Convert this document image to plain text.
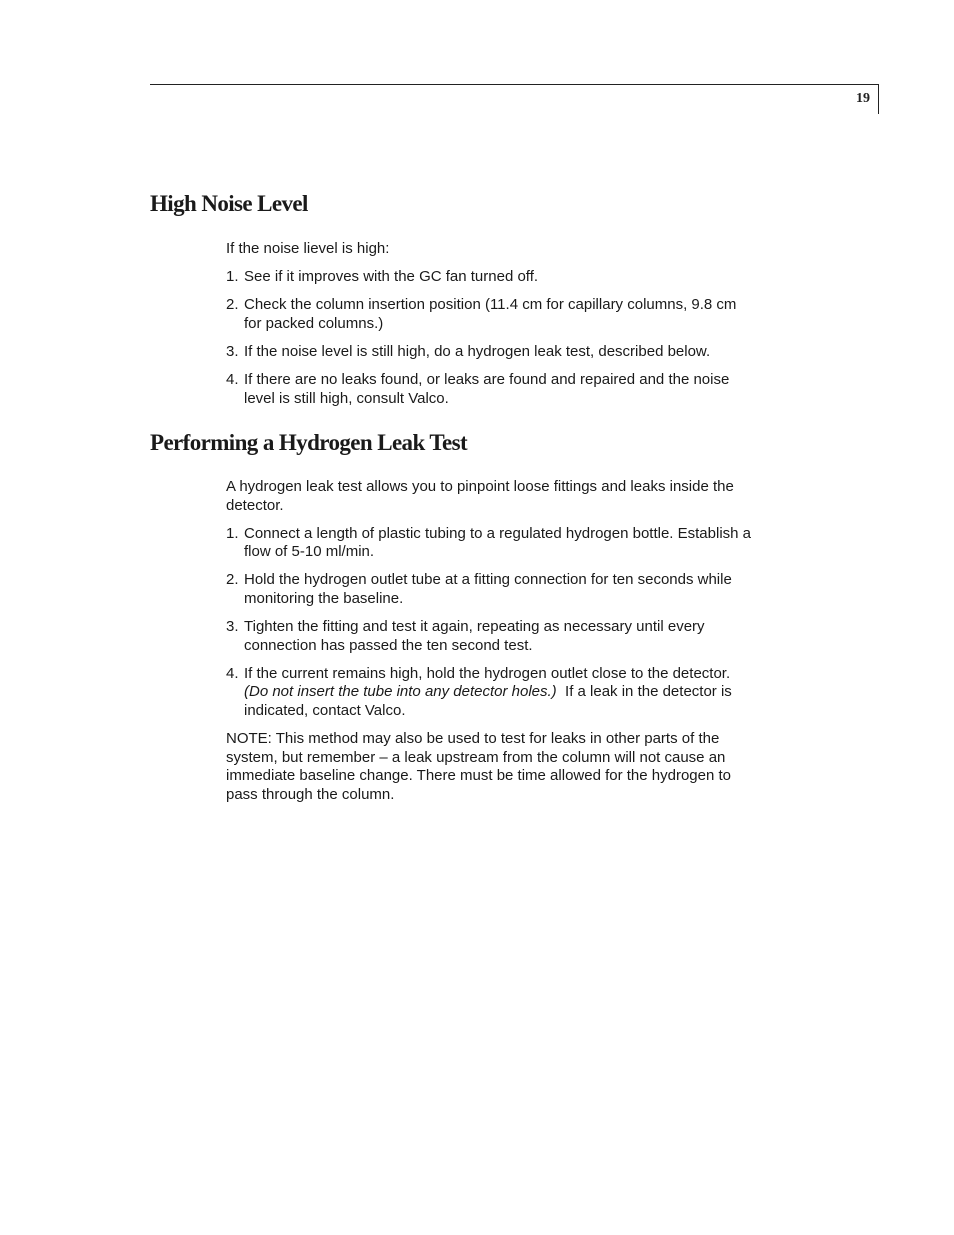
19
High Noise Level

If the noise lievel is high:

1. See if it improves with the GC fan turned off.
2. Check the column insertion position (11.4 cm for capillary columns, 9.8 cm for packed columns.)
3. If the noise level is still high, do a hydrogen leak test, described below.
4. If there are no leaks found, or leaks are found and repaired and the noise level is still high, consult Valco.
Performing a Hydrogen Leak Test

A hydrogen leak test allows you to pinpoint loose fittings and leaks inside the detector.

1. Connect a length of plastic tubing to a regulated hydrogen bottle. Establish a flow of 5-10 ml/min.
2. Hold the hydrogen outlet tube at a fitting connection for ten seconds while monitoring the baseline.
3. Tighten the fitting and test it again, repeating as necessary until every connection has passed the ten second test.
4. If the current remains high, hold the hydrogen outlet close to the detector. (Do not insert the tube into any detector holes.) If a leak in the detector is indicated, contact Valco.

NOTE: This method may also be used to test for leaks in other parts of the system, but remember – a leak upstream from the column will not cause an immediate baseline change. There must be time allowed for the hydrogen to pass through the column.
